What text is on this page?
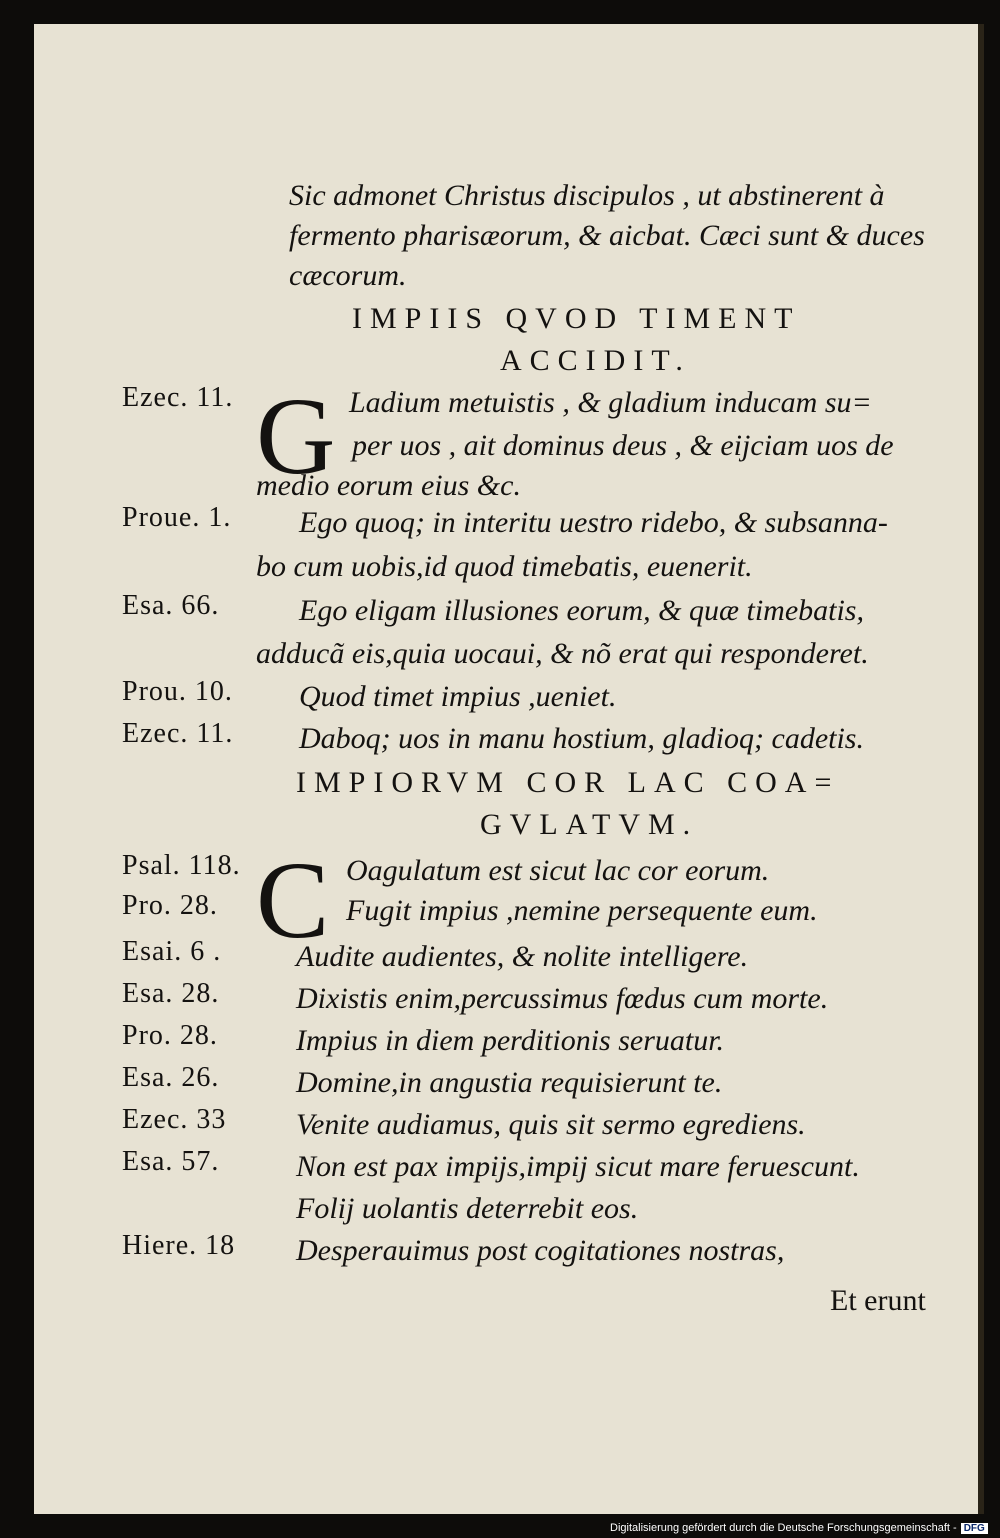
Sic admonet Christus discipulos , ut abstinerent à
fermento pharisæorum, & aicbat. Cæci sunt & duces
cæcorum.
IMPIIS QVOD TIMENT
ACCIDIT.
G
Ezec. 11.	Ladium metuistis , & gladium inducam su=
per uos , ait dominus deus , & eijciam uos de
medio eorum eius &c.
Proue. 1. Ego quoq; in interitu uestro ridebo, & subsanna-
bo cum uobis,id quod timebatis, euenerit.
Esa. 66.	Ego eligam illusiones eorum, & quæ timebatis,
adducã eis,quia uocaui, & nõ erat qui responderet.
Prou. 10. Quod timet impius ,ueniet.
Ezec. 11. Daboq; uos in manu hostium, gladioq; cadetis.
IMPIORVM COR LAC COA=
GVLATVM.
C
Psal. 118.	Oagulatum est sicut lac cor eorum.
Pro. 28.	Fugit impius ,nemine persequente eum.
Esai. 6 . Audite audientes, & nolite intelligere.
Esa. 28.	Dixistis enim,percussimus fœdus cum morte.
Pro. 28.	Impius in diem perditionis seruatur.
Esa. 26.	Domine,in angustia requisierunt te.
Ezec. 33 Venite audiamus, quis sit sermo egrediens.
Esa. 57.	Non est pax impijs,impij sicut mare feruescunt.
Folij uolantis deterrebit eos.
Hiere. 18 Desperauimus post cogitationes nostras,
Et erunt
Digitalisierung gefördert durch die Deutsche Forschungsgemeinschaft - DFG
